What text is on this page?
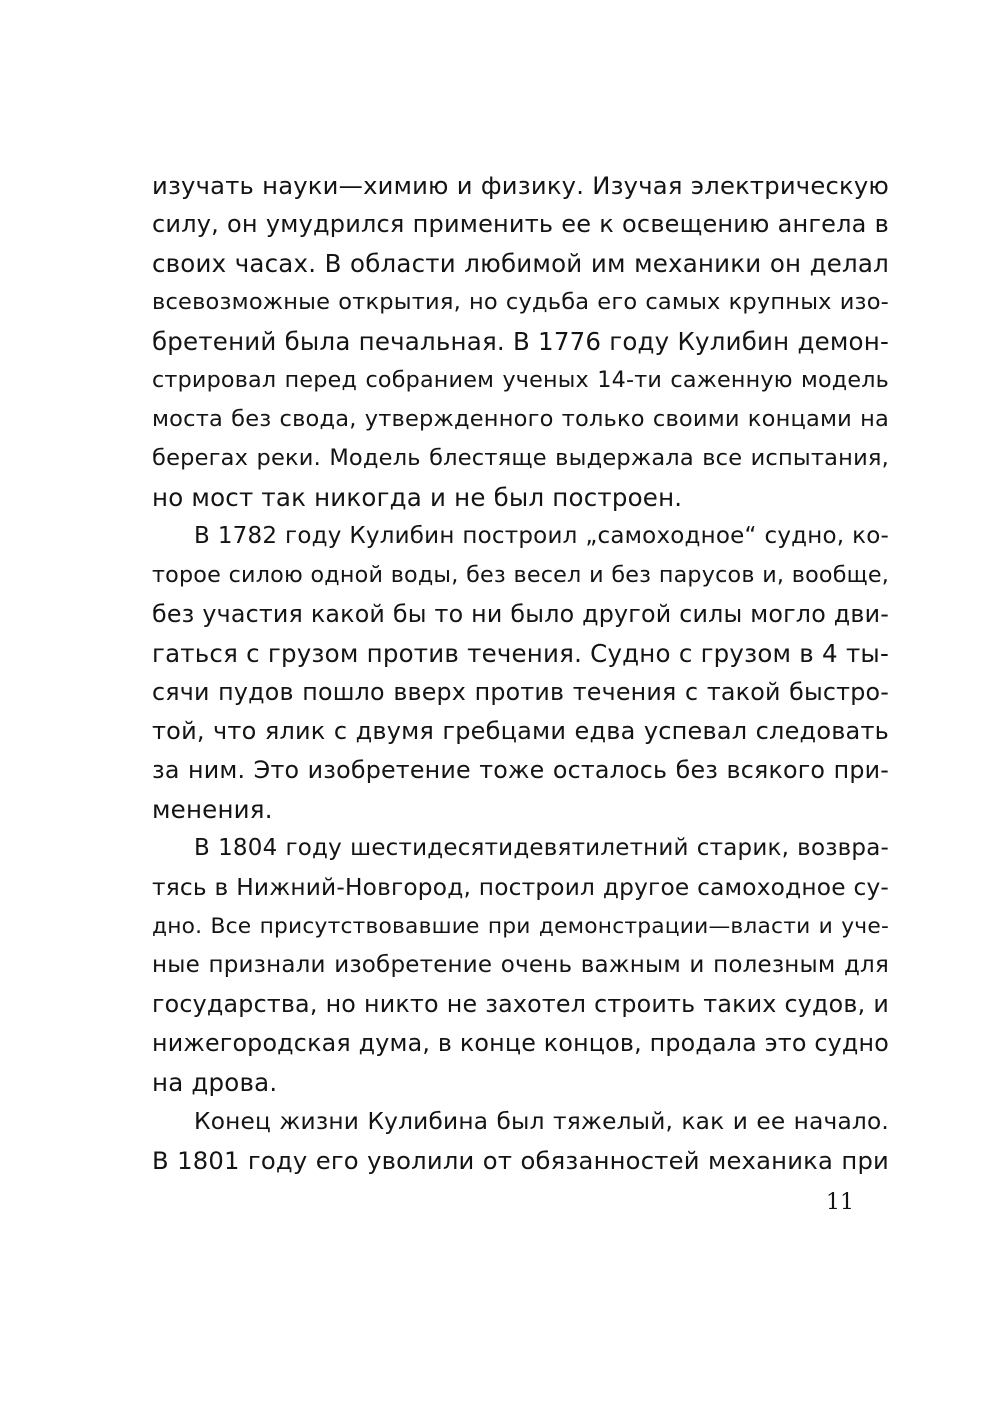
изучать науки—химию и физику. Изучая электрическую
силу, он умудрился применить ее к освещению ангела в
своих часах. В области любимой им механики он делал
всевозможные открытия, но судьба его самых крупных изо-
бретений была печальная. В 1776 году Кулибин демон-
стрировал перед собранием ученых 14-ти саженную модель
моста без свода, утвержденного только своими концами на
берегах реки. Модель блестяще выдержала все испытания,
но мост так никогда и не был построен.
В 1782 году Кулибин построил „самоходное“ судно, ко-
торое силою одной воды, без весел и без парусов и, вообще,
без участия какой бы то ни было другой силы могло дви-
гаться с грузом против течения. Судно с грузом в 4 ты-
сячи пудов пошло вверх против течения с такой быстро-
той, что ялик с двумя гребцами едва успевал следовать
за ним. Это изобретение тоже осталось без всякого при-
менения.
В 1804 году шестидесятидевятилетний старик, возвра-
тясь в Нижний-Новгород, построил другое самоходное су-
дно. Все присутствовавшие при демонстрации—власти и уче-
ные признали изобретение очень важным и полезным для
государства, но никто не захотел строить таких судов, и
нижегородская дума, в конце концов, продала это судно
на дрова.
Конец жизни Кулибина был тяжелый, как и ее начало.
В 1801 году его уволили от обязанностей механика при
11
